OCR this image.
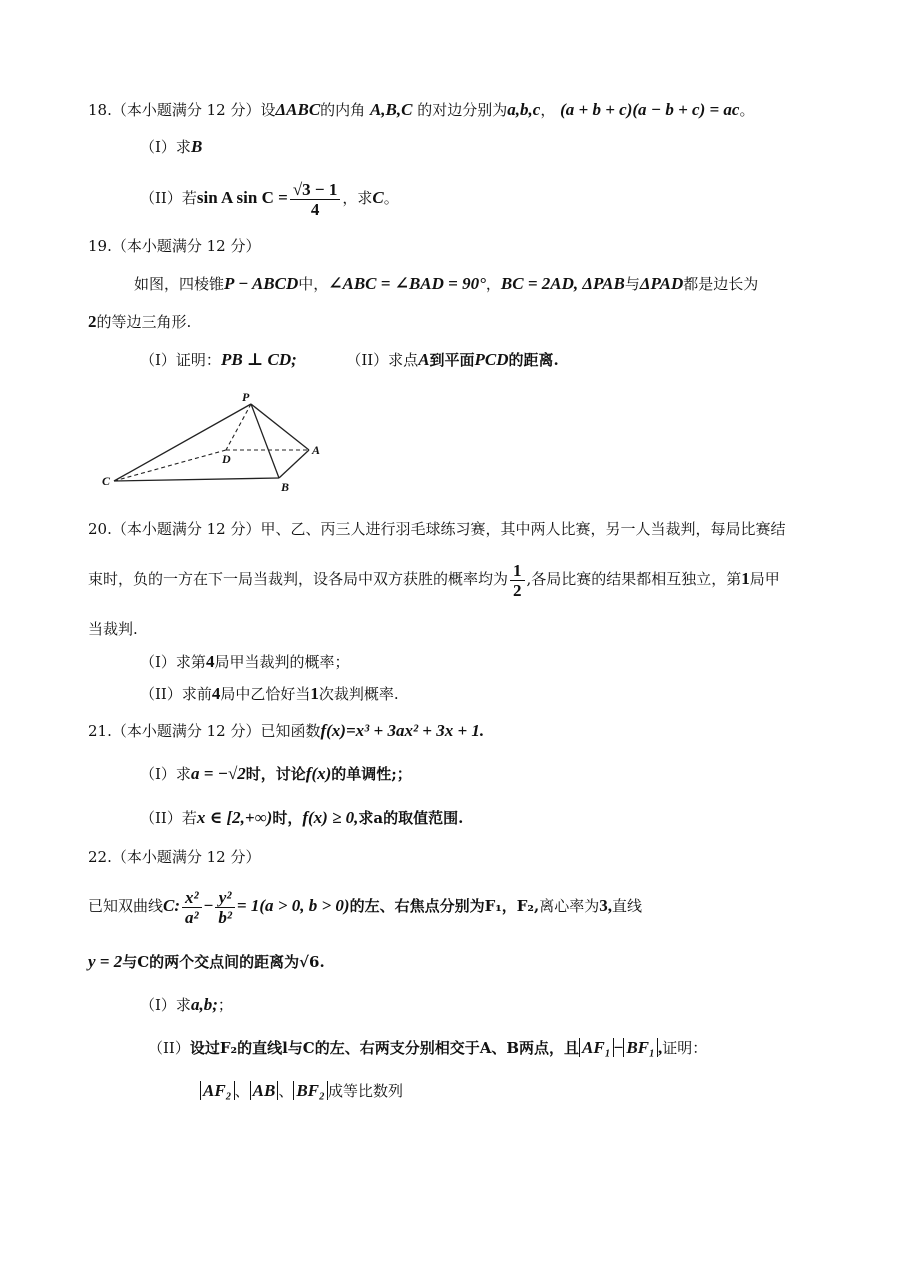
18.（本小题满分 12 分）设ΔABC的内角 A,B,C 的对边分别为a,b,c， (a + b + c)(a − b + c) = ac。
（I）求B
（II）若sin A $\sin C = \frac{√3 - 1}{4}$ ，求C。
19.（本小题满分 12 分）
如图，四棱锥P − ABCD中，∠ABC = ∠BAD = 90°，BC = 2AD, ΔPAB与ΔPAD都是边长为
2的等边三角形.
（I）证明：PB ⊥ CD;	（II）求点A到平面PCD的距离.
P
A
B
C
D
20.（本小题满分 12 分）甲、乙、丙三人进行羽毛球练习赛，其中两人比赛，另一人当裁判，每局比赛结
束时，负的一方在下一局当裁判，设各局中双方获胜的概率均为 $\frac{1}{2}$ ,各局比赛的结果都相互独立，第1局甲
当裁判.
（I）求第4局甲当裁判的概率；
（II）求前4局中乙恰好当1次裁判概率.
21.（本小题满分 12 分）已知函数f(x)=x³ + 3ax² + 3x + 1.
（I）求a = −√2时，讨论f(x)的单调性;；
（II）若x ∈ [2,+∞)时，f(x) ≥ 0,求a的取值范围.
22.（本小题满分 12 分）
已知双曲线C: $\frac{\text{x²}}{\text{a²}} - \frac{\text{y²}}{\text{b²}} = 1(a > 0$, b > 0)的左、右焦点分别为F₁，F₂,离心率为3,直线
y = 2与C的两个交点间的距离为√6.
（I）求a,b;；
（II）设过F₂的直线l与C的左、右两支分别相交于A、B两点，且 AF₁ − BF₁ ,证明：
AF₂ 、 AB 、 BF₂ 成等比数列
